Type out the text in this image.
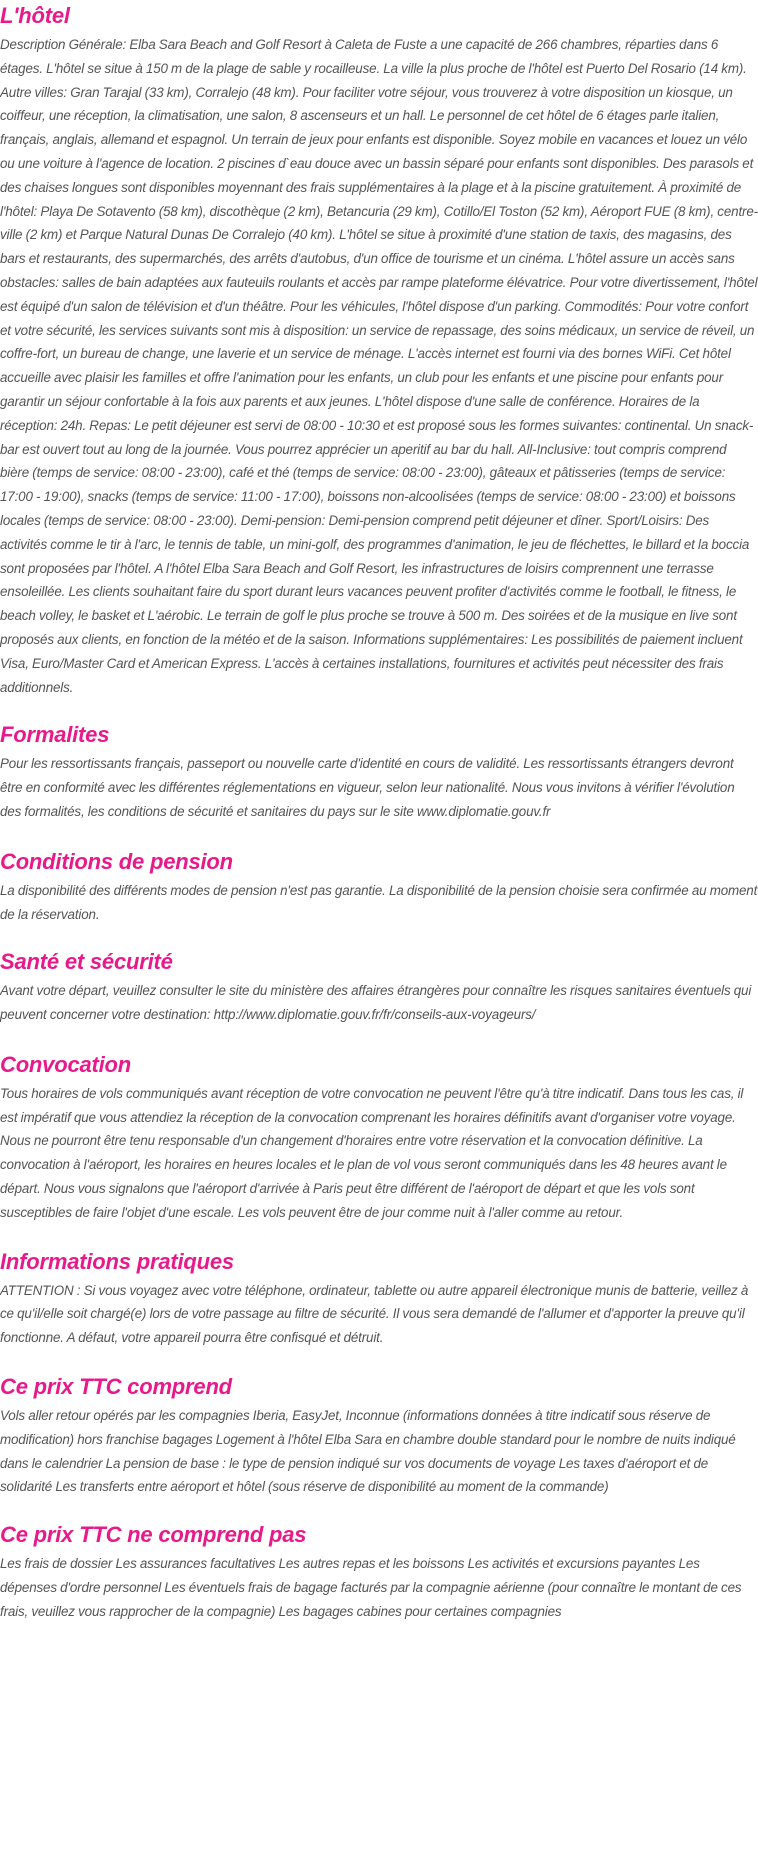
L'hôtel

Description Générale: Elba Sara Beach and Golf Resort à Caleta de Fuste a une capacité de 266 chambres, réparties dans 6 étages. L'hôtel se situe à 150 m de la plage de sable y rocailleuse. La ville la plus proche de l'hôtel est Puerto Del Rosario (14 km). Autre villes: Gran Tarajal (33 km), Corralejo (48 km). Pour faciliter votre séjour, vous trouverez à votre disposition un kiosque, un coiffeur, une réception, la climatisation, une salon, 8 ascenseurs et un hall. Le personnel de cet hôtel de 6 étages parle italien, français, anglais, allemand et espagnol. Un terrain de jeux pour enfants est disponible. Soyez mobile en vacances et louez un vélo ou une voiture à l'agence de location. 2 piscines d`eau douce avec un bassin séparé pour enfants sont disponibles. Des parasols et des chaises longues sont disponibles moyennant des frais supplémentaires à la plage et à la piscine gratuitement. À proximité de l'hôtel: Playa De Sotavento (58 km), discothèque (2 km), Betancuria (29 km), Cotillo/El Toston (52 km), Aéroport FUE (8 km), centre-ville (2 km) et Parque Natural Dunas De Corralejo (40 km). L'hôtel se situe à proximité d'une station de taxis, des magasins, des bars et restaurants, des supermarchés, des arrêts d'autobus, d'un office de tourisme et un cinéma. L'hôtel assure un accès sans obstacles: salles de bain adaptées aux fauteuils roulants et accès par rampe plateforme élévatrice. Pour votre divertissement, l'hôtel est équipé d'un salon de télévision et d'un théâtre. Pour les véhicules, l'hôtel dispose d'un parking. Commodités: Pour votre confort et votre sécurité, les services suivants sont mis à disposition: un service de repassage, des soins médicaux, un service de réveil, un coffre-fort, un bureau de change, une laverie et un service de ménage. L'accès internet est fourni via des bornes WiFi. Cet hôtel accueille avec plaisir les familles et offre l'animation pour les enfants, un club pour les enfants et une piscine pour enfants pour garantir un séjour confortable à la fois aux parents et aux jeunes. L'hôtel dispose d'une salle de conférence. Horaires de la réception: 24h. Repas: Le petit déjeuner est servi de 08:00 - 10:30 et est proposé sous les formes suivantes: continental. Un snack-bar est ouvert tout au long de la journée. Vous pourrez apprécier un aperitif au bar du hall. All-Inclusive: tout compris comprend bière (temps de service: 08:00 - 23:00), café et thé (temps de service: 08:00 - 23:00), gâteaux et pâtisseries (temps de service: 17:00 - 19:00), snacks (temps de service: 11:00 - 17:00), boissons non-alcoolisées (temps de service: 08:00 - 23:00) et boissons locales (temps de service: 08:00 - 23:00). Demi-pension: Demi-pension comprend petit déjeuner et dîner. Sport/Loisirs: Des activités comme le tir à l'arc, le tennis de table, un mini-golf, des programmes d'animation, le jeu de fléchettes, le billard et la boccia sont proposées par l'hôtel. A l'hôtel Elba Sara Beach and Golf Resort, les infrastructures de loisirs comprennent une terrasse ensoleillée. Les clients souhaitant faire du sport durant leurs vacances peuvent profiter d'activités comme le football, le fitness, le beach volley, le basket et L'aérobic. Le terrain de golf le plus proche se trouve à 500 m. Des soirées et de la musique en live sont proposés aux clients, en fonction de la météo et de la saison. Informations supplémentaires: Les possibilités de paiement incluent Visa, Euro/Master Card et American Express. L'accès à certaines installations, fournitures et activités peut nécessiter des frais additionnels.

Formalites

Pour les ressortissants français, passeport ou nouvelle carte d'identité en cours de validité. Les ressortissants étrangers devront être en conformité avec les différentes réglementations en vigueur, selon leur nationalité. Nous vous invitons à vérifier l'évolution des formalités, les conditions de sécurité et sanitaires du pays sur le site www.diplomatie.gouv.fr

Conditions de pension

La disponibilité des différents modes de pension n'est pas garantie. La disponibilité de la pension choisie sera confirmée au moment de la réservation.

Santé et sécurité

Avant votre départ, veuillez consulter le site du ministère des affaires étrangères pour connaître les risques sanitaires éventuels qui peuvent concerner votre destination: http://www.diplomatie.gouv.fr/fr/conseils-aux-voyageurs/

Convocation

Tous horaires de vols communiqués avant réception de votre convocation ne peuvent l'être qu'à titre indicatif. Dans tous les cas, il est impératif que vous attendiez la réception de la convocation comprenant les horaires définitifs avant d'organiser votre voyage. Nous ne pourront être tenu responsable d'un changement d'horaires entre votre réservation et la convocation définitive. La convocation à l'aéroport, les horaires en heures locales et le plan de vol vous seront communiqués dans les 48 heures avant le départ. Nous vous signalons que l'aéroport d'arrivée à Paris peut être différent de l'aéroport de départ et que les vols sont susceptibles de faire l'objet d'une escale. Les vols peuvent être de jour comme nuit à l'aller comme au retour.

Informations pratiques

ATTENTION : Si vous voyagez avec votre téléphone, ordinateur, tablette ou autre appareil électronique munis de batterie, veillez à ce qu'il/elle soit chargé(e) lors de votre passage au filtre de sécurité. Il vous sera demandé de l'allumer et d'apporter la preuve qu'il fonctionne. A défaut, votre appareil pourra être confisqué et détruit.

Ce prix TTC comprend

Vols aller retour opérés par les compagnies Iberia, EasyJet, Inconnue (informations données à titre indicatif sous réserve de modification) hors franchise bagages Logement à l'hôtel Elba Sara en chambre double standard pour le nombre de nuits indiqué dans le calendrier La pension de base : le type de pension indiqué sur vos documents de voyage Les taxes d'aéroport et de solidarité Les transferts entre aéroport et hôtel (sous réserve de disponibilité au moment de la commande)

Ce prix TTC ne comprend pas

Les frais de dossier Les assurances facultatives Les autres repas et les boissons Les activités et excursions payantes Les dépenses d'ordre personnel Les éventuels frais de bagage facturés par la compagnie aérienne (pour connaître le montant de ces frais, veuillez vous rapprocher de la compagnie) Les bagages cabines pour certaines compagnies
